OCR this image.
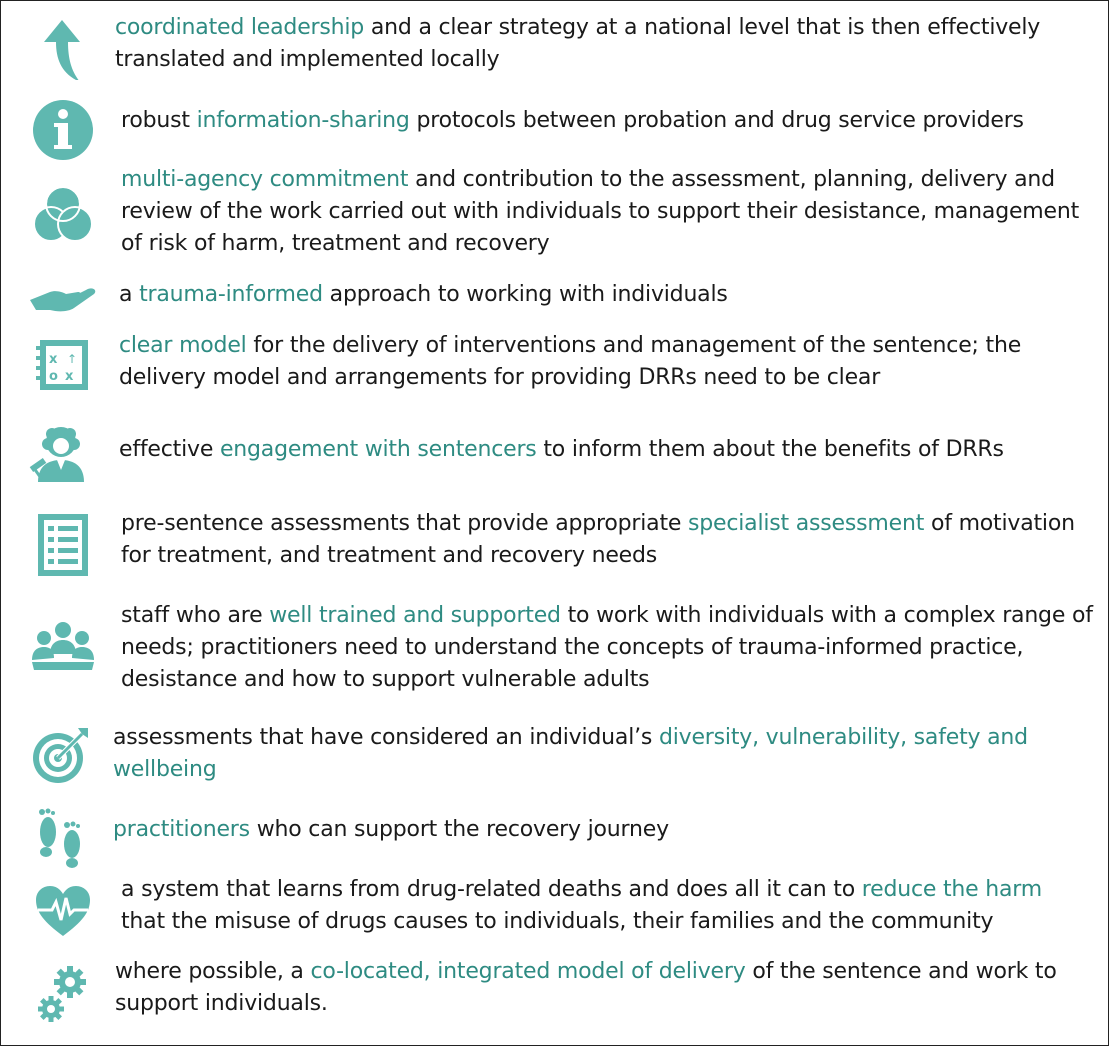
coordinated leadership and a clear strategy at a national level that is then effectively translated and implemented locally
robust information-sharing protocols between probation and drug service providers
multi-agency commitment and contribution to the assessment, planning, delivery and review of the work carried out with individuals to support their desistance, management of risk of harm, treatment and recovery
a trauma-informed approach to working with individuals
x ↑
o x
clear model for the delivery of interventions and management of the sentence; the delivery model and arrangements for providing DRRs need to be clear
effective engagement with sentencers to inform them about the benefits of DRRs
pre-sentence assessments that provide appropriate specialist assessment of motivation for treatment, and treatment and recovery needs
staff who are well trained and supported to work with individuals with a complex range of needs; practitioners need to understand the concepts of trauma-informed practice, desistance and how to support vulnerable adults
assessments that have considered an individual’s diversity, vulnerability, safety and wellbeing
practitioners who can support the recovery journey
a system that learns from drug-related deaths and does all it can to reduce the harm that the misuse of drugs causes to individuals, their families and the community
where possible, a co-located, integrated model of delivery of the sentence and work to support individuals.
